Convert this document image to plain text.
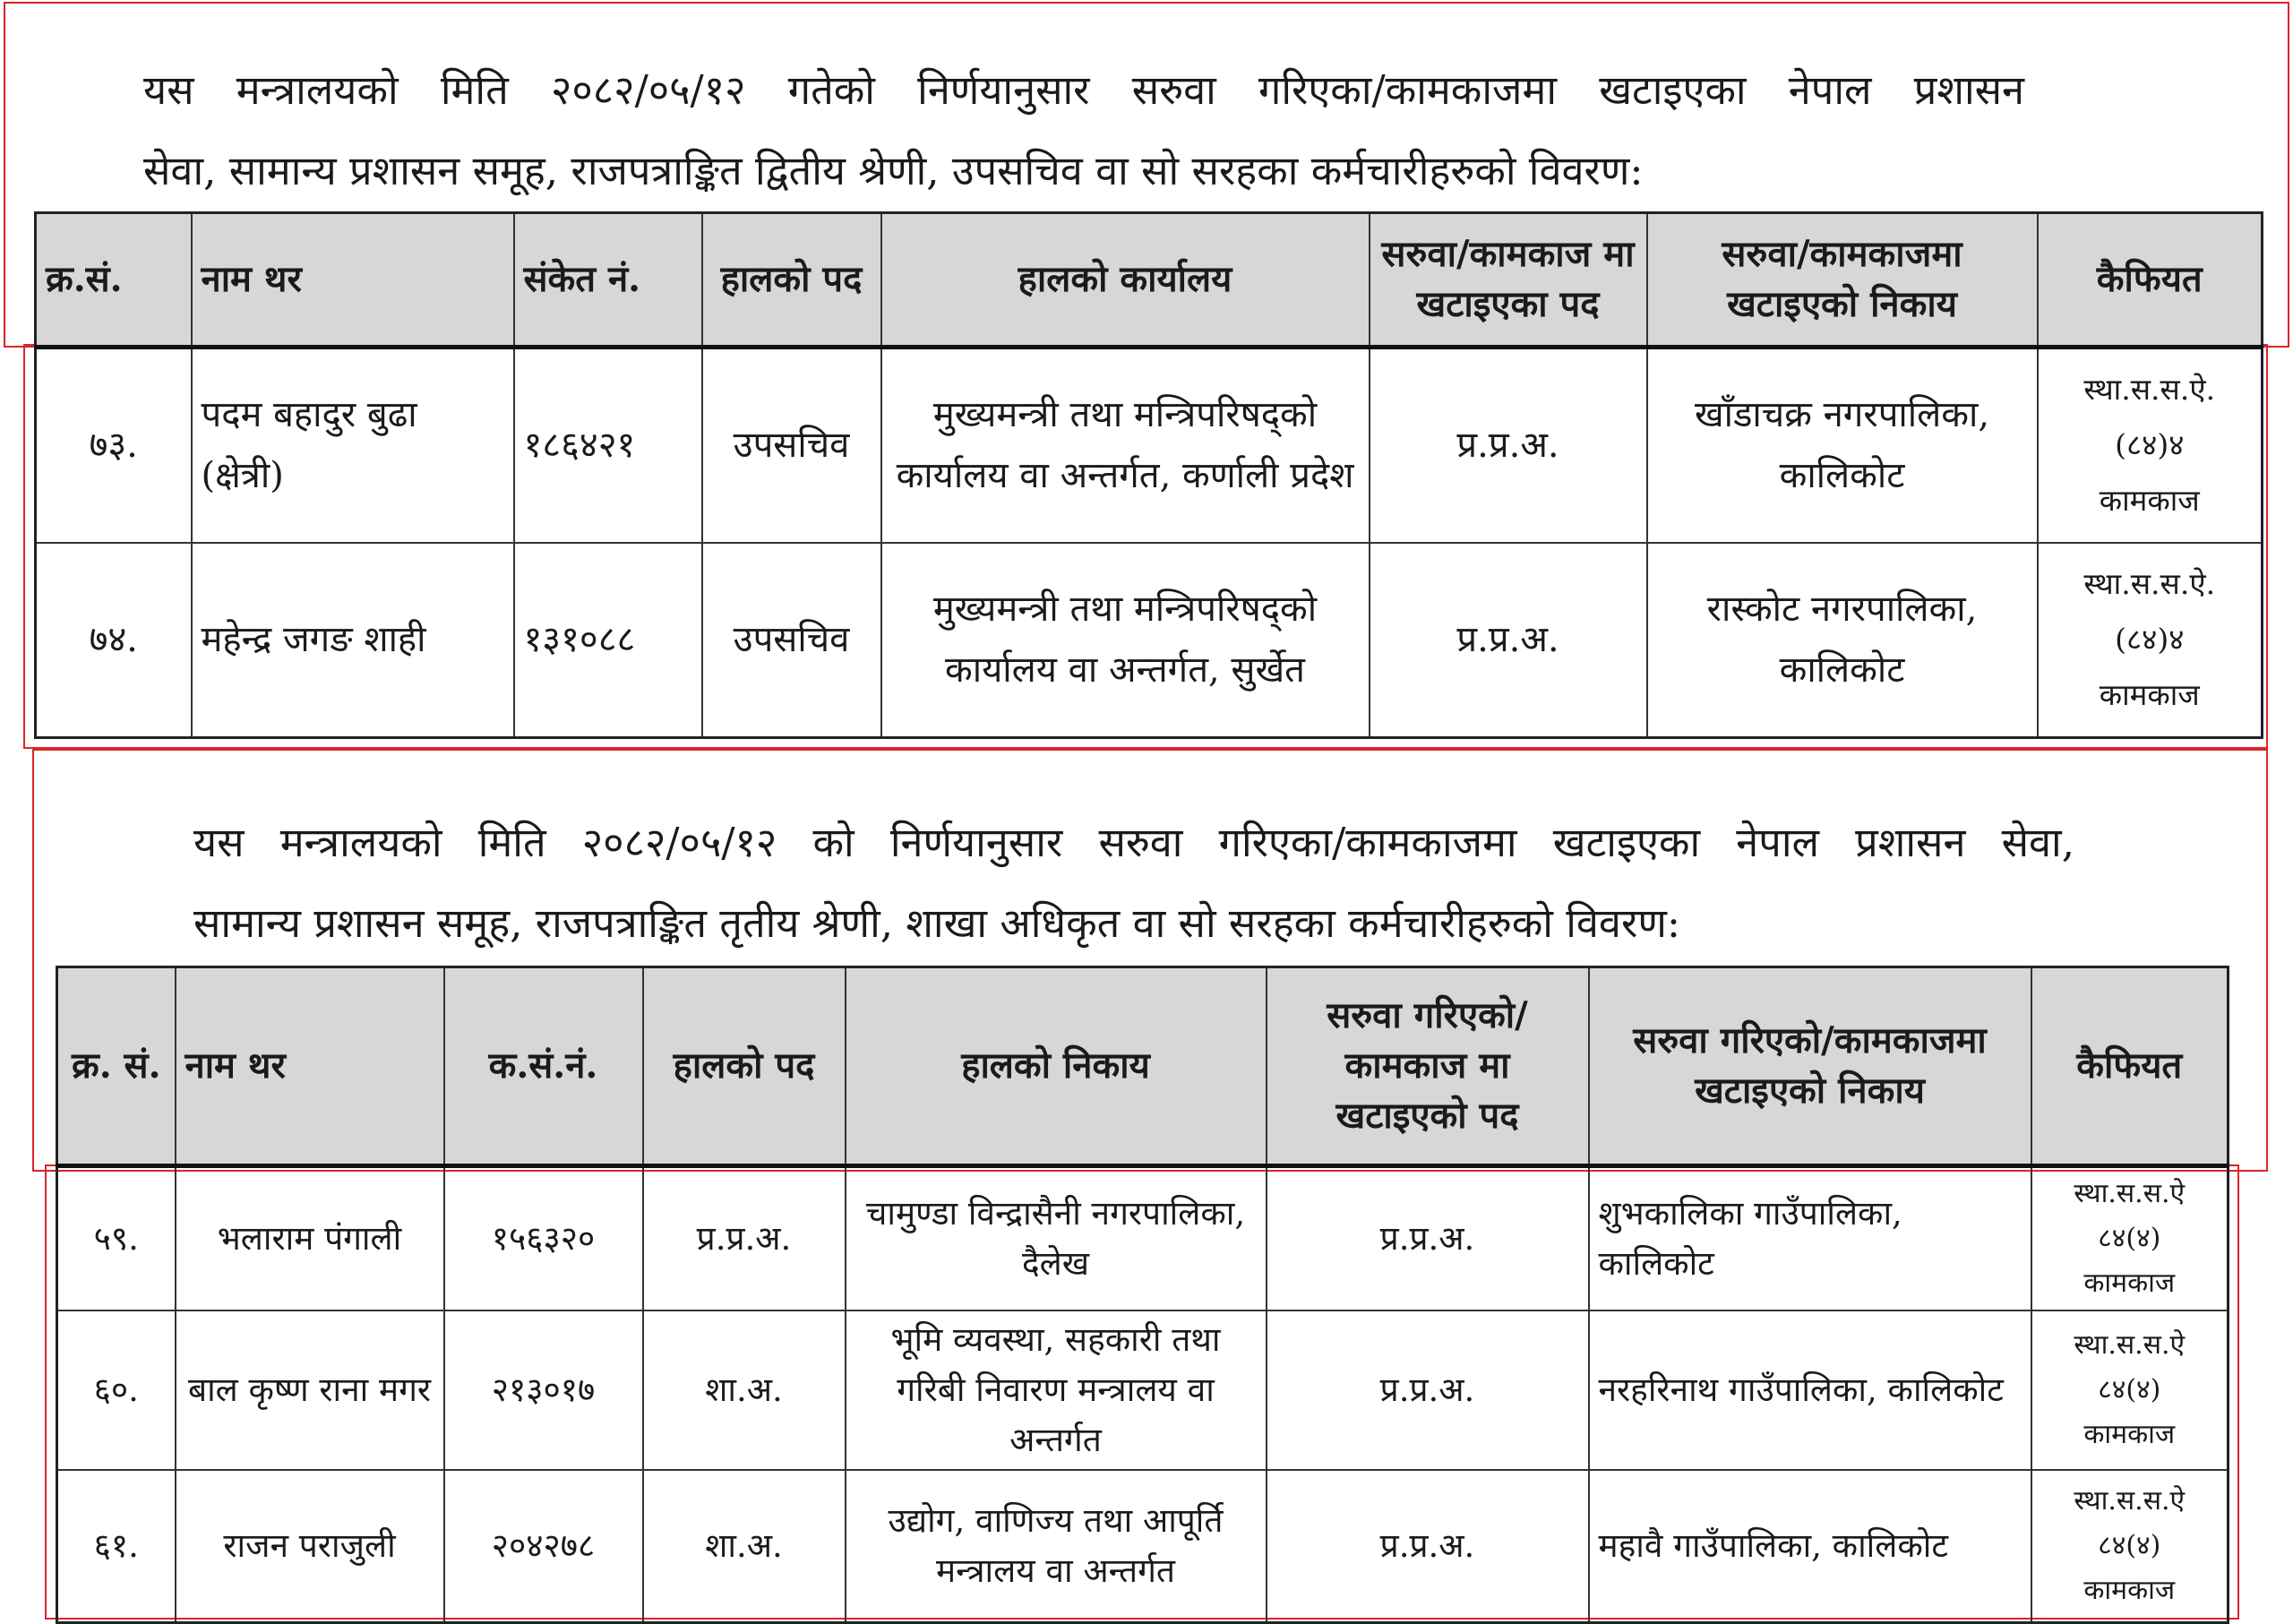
यस मन्त्रालयको मिति २०८२/०५/१२ गतेको निर्णयानुसार सरुवा गरिएका/कामकाजमा खटाइएका नेपाल प्रशासन
सेवा, सामान्य प्रशासन समूह, राजपत्राङ्कित द्वितीय श्रेणी, उपसचिव वा सो सरहका कर्मचारीहरुको विवरण:
क्र.सं.	नाम थर	संकेत नं.	हालको पद	हालको कार्यालय	सरुवा/कामकाज मा खटाइएका पद	सरुवा/कामकाजमा खटाइएको निकाय	कैफियत
७३.	पदम बहादुर बुढा (क्षेत्री)	१८६४२१	उपसचिव	मुख्यमन्त्री तथा मन्त्रिपरिषद्को कार्यालय वा अन्तर्गत, कर्णाली प्रदेश	प्र.प्र.अ.	खाँडाचक्र नगरपालिका, कालिकोट	स्था.स.स.ऐ.
(८४)४
कामकाज

७४.	महेन्द्र जगङ शाही	१३१०८८	उपसचिव	मुख्यमन्त्री तथा मन्त्रिपरिषद्को कार्यालय वा अन्तर्गत, सुर्खेत	प्र.प्र.अ.	रास्कोट नगरपालिका, कालिकोट	स्था.स.स.ऐ.
(८४)४
कामकाज
यस मन्त्रालयको मिति २०८२/०५/१२ को निर्णयानुसार सरुवा गरिएका/कामकाजमा खटाइएका नेपाल प्रशासन सेवा,
सामान्य प्रशासन समूह, राजपत्राङ्कित तृतीय श्रेणी, शाखा अधिकृत वा सो सरहका कर्मचारीहरुको विवरण:
क्र. सं.	नाम थर	क.सं.नं.	हालको पद	हालको निकाय	सरुवा गरिएको/कामकाज मा खटाइएको पद	सरुवा गरिएको/कामकाजमा खटाइएको निकाय	कैफियत
५९.	भलाराम पंगाली	१५६३२०	प्र.प्र.अ.	चामुण्डा विन्द्रासैनी नगरपालिका, दैलेख	प्र.प्र.अ.	शुभकालिका गाउँपालिका, कालिकोट	स्था.स.स.ऐ
८४(४)
कामकाज

६०.	बाल कृष्ण राना मगर	२१३०१७	शा.अ.	भूमि व्यवस्था, सहकारी तथा गरिबी निवारण मन्त्रालय वा अन्तर्गत	प्र.प्र.अ.	नरहरिनाथ गाउँपालिका, कालिकोट	स्था.स.स.ऐ
८४(४)
कामकाज

६१.	राजन पराजुली	२०४२७८	शा.अ.	उद्योग, वाणिज्य तथा आपूर्ति मन्त्रालय वा अन्तर्गत	प्र.प्र.अ.	महावै गाउँपालिका, कालिकोट	स्था.स.स.ऐ
८४(४)
कामकाज
